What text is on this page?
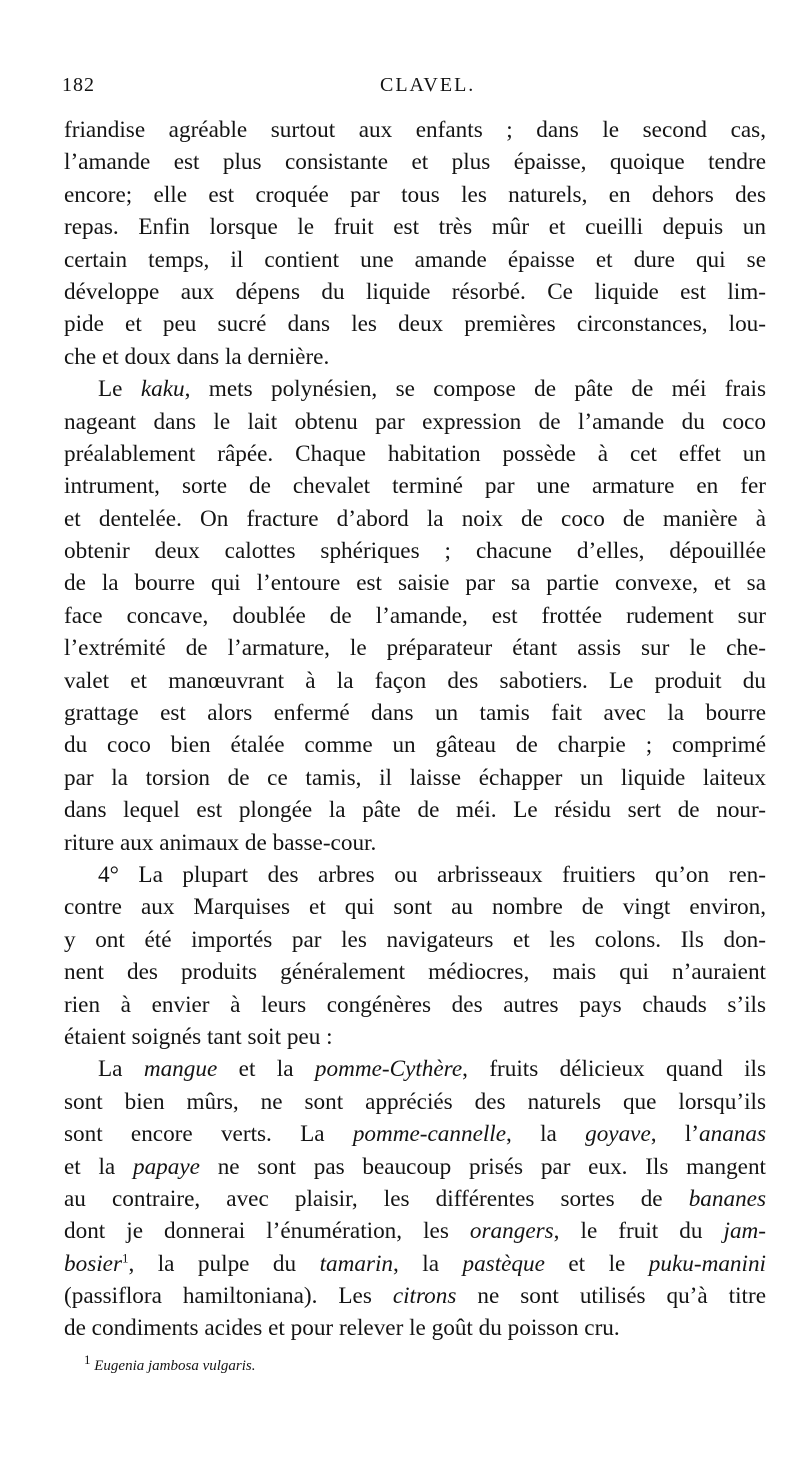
182	CLAVEL.
friandise agréable surtout aux enfants ; dans le second cas,
l’amande est plus consistante et plus épaisse, quoique tendre
encore; elle est croquée par tous les naturels, en dehors des
repas. Enfin lorsque le fruit est très mûr et cueilli depuis un
certain temps, il contient une amande épaisse et dure qui se
développe aux dépens du liquide résorbé. Ce liquide est lim-
pide et peu sucré dans les deux premières circonstances, lou-
che et doux dans la dernière.
Le kaku, mets polynésien, se compose de pâte de méi frais
nageant dans le lait obtenu par expression de l’amande du coco
préalablement râpée. Chaque habitation possède à cet effet un
intrument, sorte de chevalet terminé par une armature en fer
et dentelée. On fracture d’abord la noix de coco de manière à
obtenir deux calottes sphériques ; chacune d’elles, dépouillée
de la bourre qui l’entoure est saisie par sa partie convexe, et sa
face concave, doublée de l’amande, est frottée rudement sur
l’extrémité de l’armature, le préparateur étant assis sur le che-
valet et manœuvrant à la façon des sabotiers. Le produit du
grattage est alors enfermé dans un tamis fait avec la bourre
du coco bien étalée comme un gâteau de charpie ; comprimé
par la torsion de ce tamis, il laisse échapper un liquide laiteux
dans lequel est plongée la pâte de méi. Le résidu sert de nour-
riture aux animaux de basse-cour.
4° La plupart des arbres ou arbrisseaux fruitiers qu’on ren-
contre aux Marquises et qui sont au nombre de vingt environ,
y ont été importés par les navigateurs et les colons. Ils don-
nent des produits généralement médiocres, mais qui n’auraient
rien à envier à leurs congénères des autres pays chauds s’ils
étaient soignés tant soit peu :
La mangue et la pomme-Cythère, fruits délicieux quand ils
sont bien mûrs, ne sont appréciés des naturels que lorsqu’ils
sont encore verts. La pomme-cannelle, la goyave, l’ananas
et la papaye ne sont pas beaucoup prisés par eux. Ils mangent
au contraire, avec plaisir, les différentes sortes de bananes
dont je donnerai l’énumération, les orangers, le fruit du jam-
bosier$^1$, la pulpe du tamarin, la pastèque et le puku-manini
(passiflora hamiltoniana). Les citrons ne sont utilisés qu’à titre
de condiments acides et pour relever le goût du poisson cru.
$^1$ Eugenia jambosa vulgaris.
